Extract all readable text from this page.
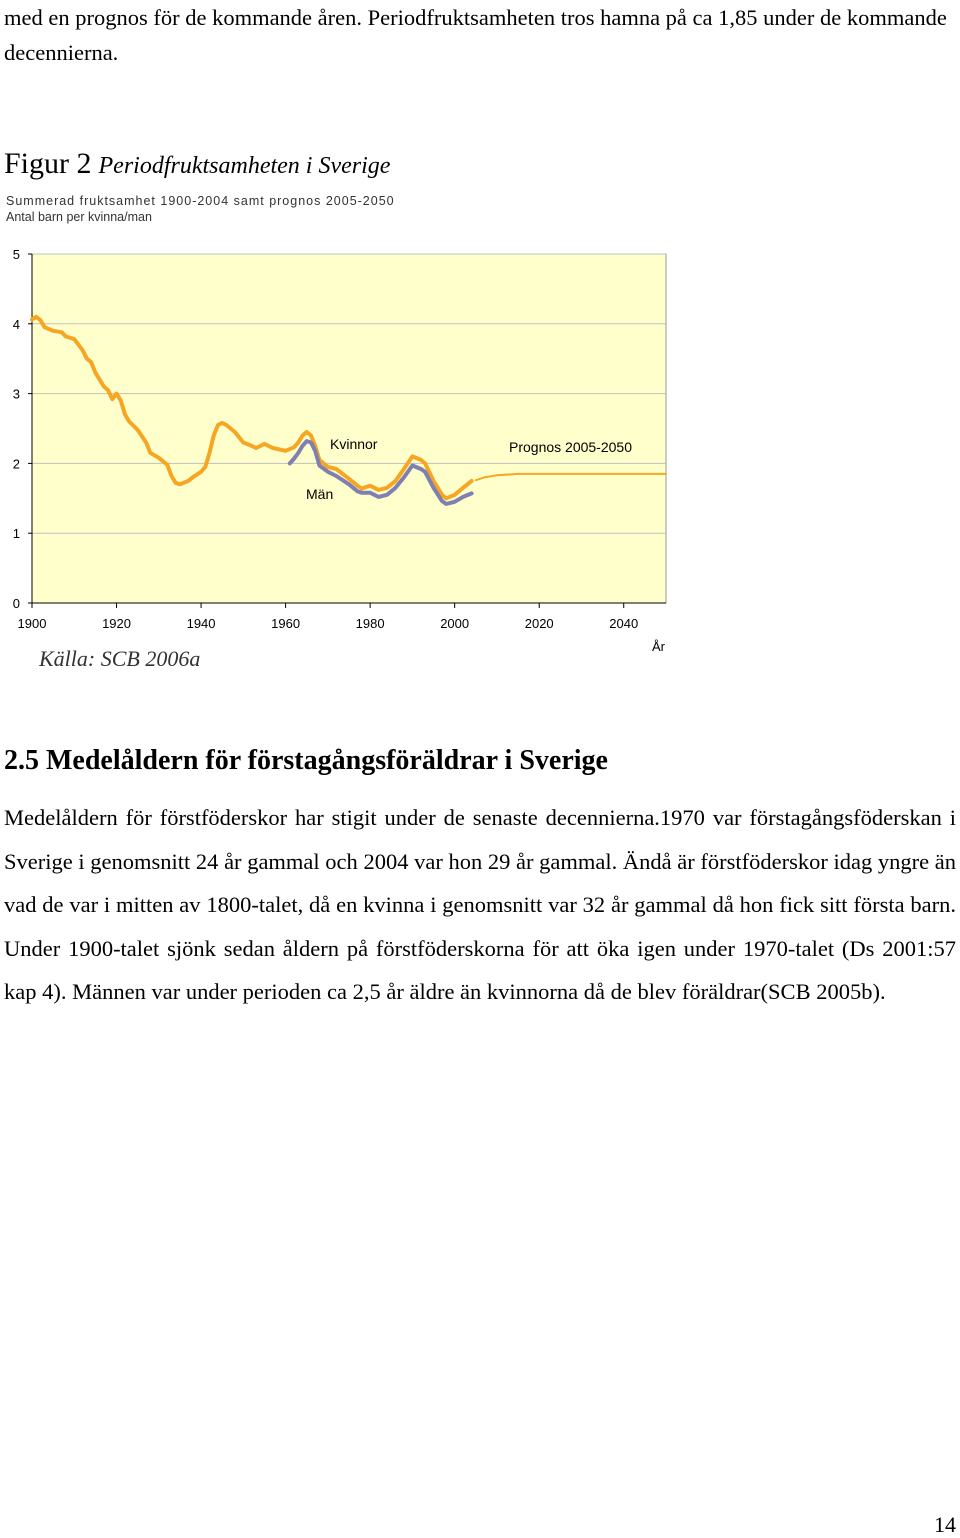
med en prognos för de kommande åren. Periodfruktsamheten tros hamna på ca 1,85 under de kommande decennierna.

Figur 2 Periodfruktsamheten i Sverige

Summerad fruktsamhet 1900-2004 samt prognos 2005-2050

Antal barn per kvinna/man

0
1
2
3
4
5
1900	1920	1940	1960	1980	2000	2020	2040
Kvinnor
Män
Prognos 2005-2050
År

Källa: SCB 2006a

2.5 Medelåldern för förstagångsföräldrar i Sverige

Medelåldern för förstföderskor har stigit under de senaste decennierna.1970 var förstagångsföderskan i Sverige i genomsnitt 24 år gammal och 2004 var hon 29 år gammal. Ändå är förstföderskor idag yngre än vad de var i mitten av 1800-talet, då en kvinna i genomsnitt var 32 år gammal då hon fick sitt första barn. Under 1900-talet sjönk sedan åldern på förstföderskorna för att öka igen under 1970-talet (Ds 2001:57 kap 4). Männen var under perioden ca 2,5 år äldre än kvinnorna då de blev föräldrar(SCB 2005b).

14
